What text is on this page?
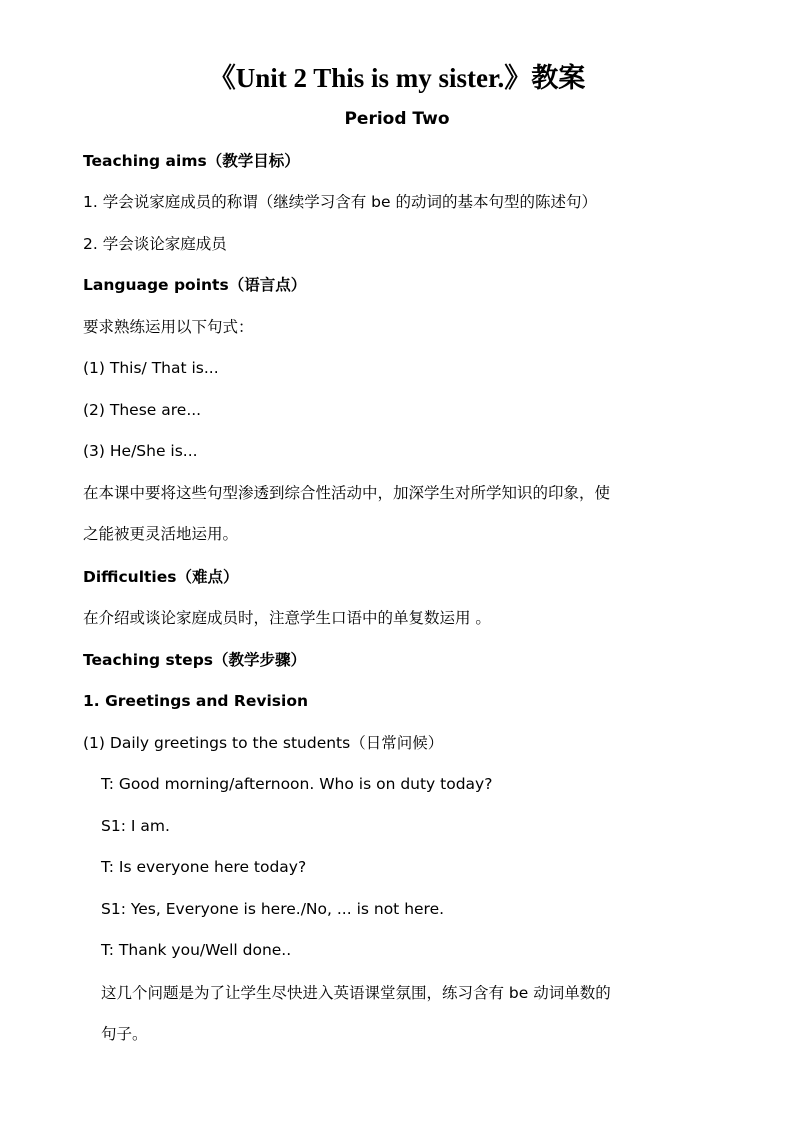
《Unit 2 This is my sister.》教案
Period Two
Teaching aims（教学目标）
1. 学会说家庭成员的称谓（继续学习含有 be 的动词的基本句型的陈述句）
2. 学会谈论家庭成员
Language points（语言点）
要求熟练运用以下句式：
(1) This/ That is...
(2) These are...
(3) He/She is...
在本课中要将这些句型渗透到综合性活动中，加深学生对所学知识的印象，使
之能被更灵活地运用。
Difficulties（难点）
在介绍或谈论家庭成员时，注意学生口语中的单复数运用 。
Teaching steps（教学步骤）
1. Greetings and Revision
(1) Daily greetings to the students（日常问候）
T: Good morning/afternoon. Who is on duty today?
S1: I am.
T: Is everyone here today?
S1: Yes, Everyone is here./No, ... is not here.
T: Thank you/Well done..
这几个问题是为了让学生尽快进入英语课堂氛围，练习含有 be 动词单数的
句子。
